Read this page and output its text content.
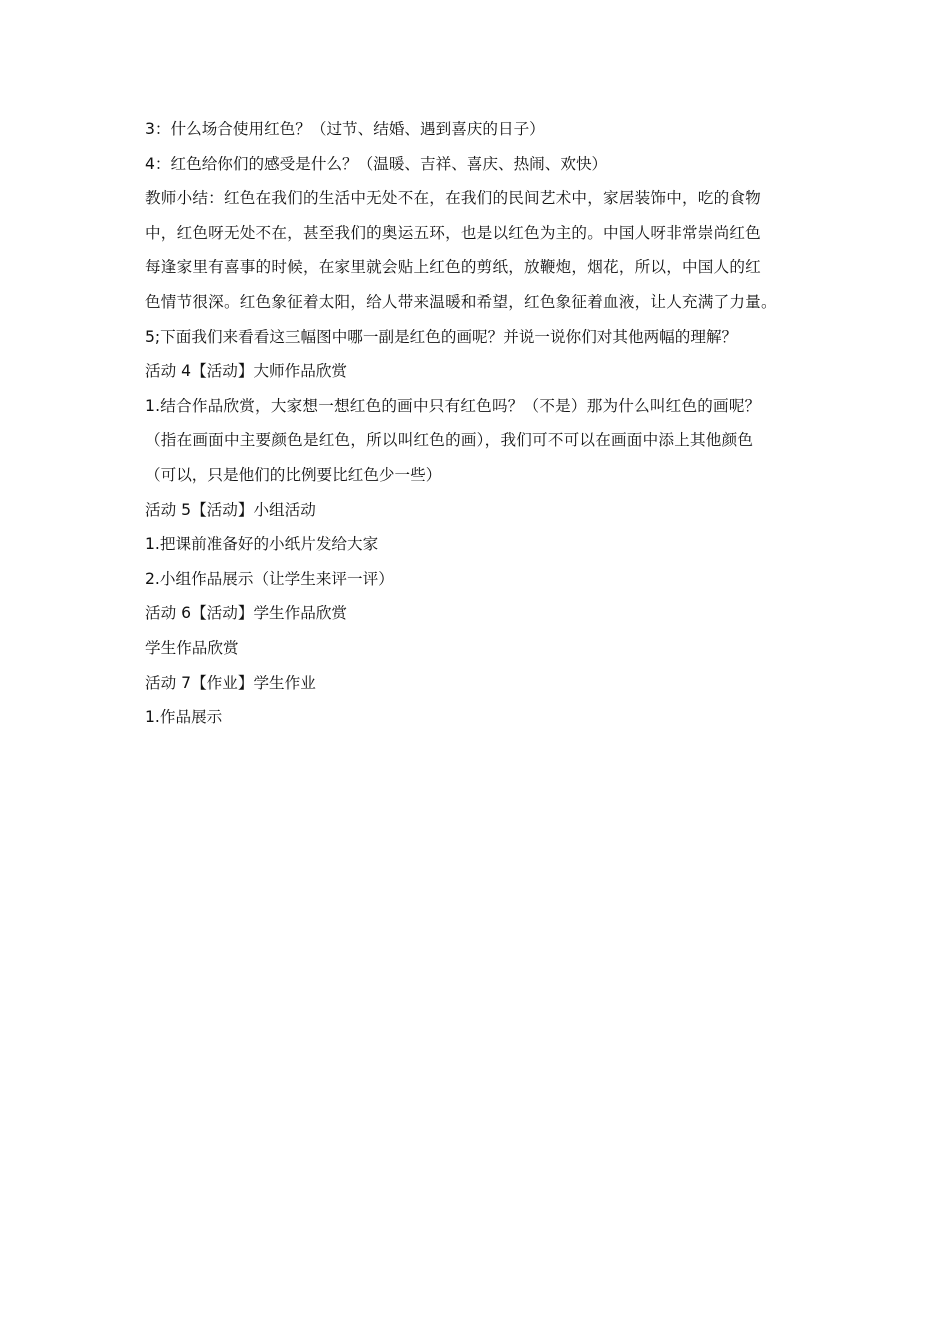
3：什么场合使用红色？（过节、结婚、遇到喜庆的日子）
4：红色给你们的感受是什么？（温暖、吉祥、喜庆、热闹、欢快）
教师小结：红色在我们的生活中无处不在，在我们的民间艺术中，家居装饰中，吃的食物
中，红色呀无处不在，甚至我们的奥运五环，也是以红色为主的。中国人呀非常崇尚红色
每逢家里有喜事的时候，在家里就会贴上红色的剪纸，放鞭炮，烟花，所以，中国人的红
色情节很深。红色象征着太阳，给人带来温暖和希望，红色象征着血液，让人充满了力量。
5;下面我们来看看这三幅图中哪一副是红色的画呢？并说一说你们对其他两幅的理解？
活动 4【活动】大师作品欣赏
1.结合作品欣赏，大家想一想红色的画中只有红色吗？（不是）那为什么叫红色的画呢？
（指在画面中主要颜色是红色，所以叫红色的画），我们可不可以在画面中添上其他颜色
（可以，只是他们的比例要比红色少一些）
活动 5【活动】小组活动
1.把课前准备好的小纸片发给大家
2.小组作品展示（让学生来评一评）
活动 6【活动】学生作品欣赏
学生作品欣赏
活动 7【作业】学生作业
1.作品展示
